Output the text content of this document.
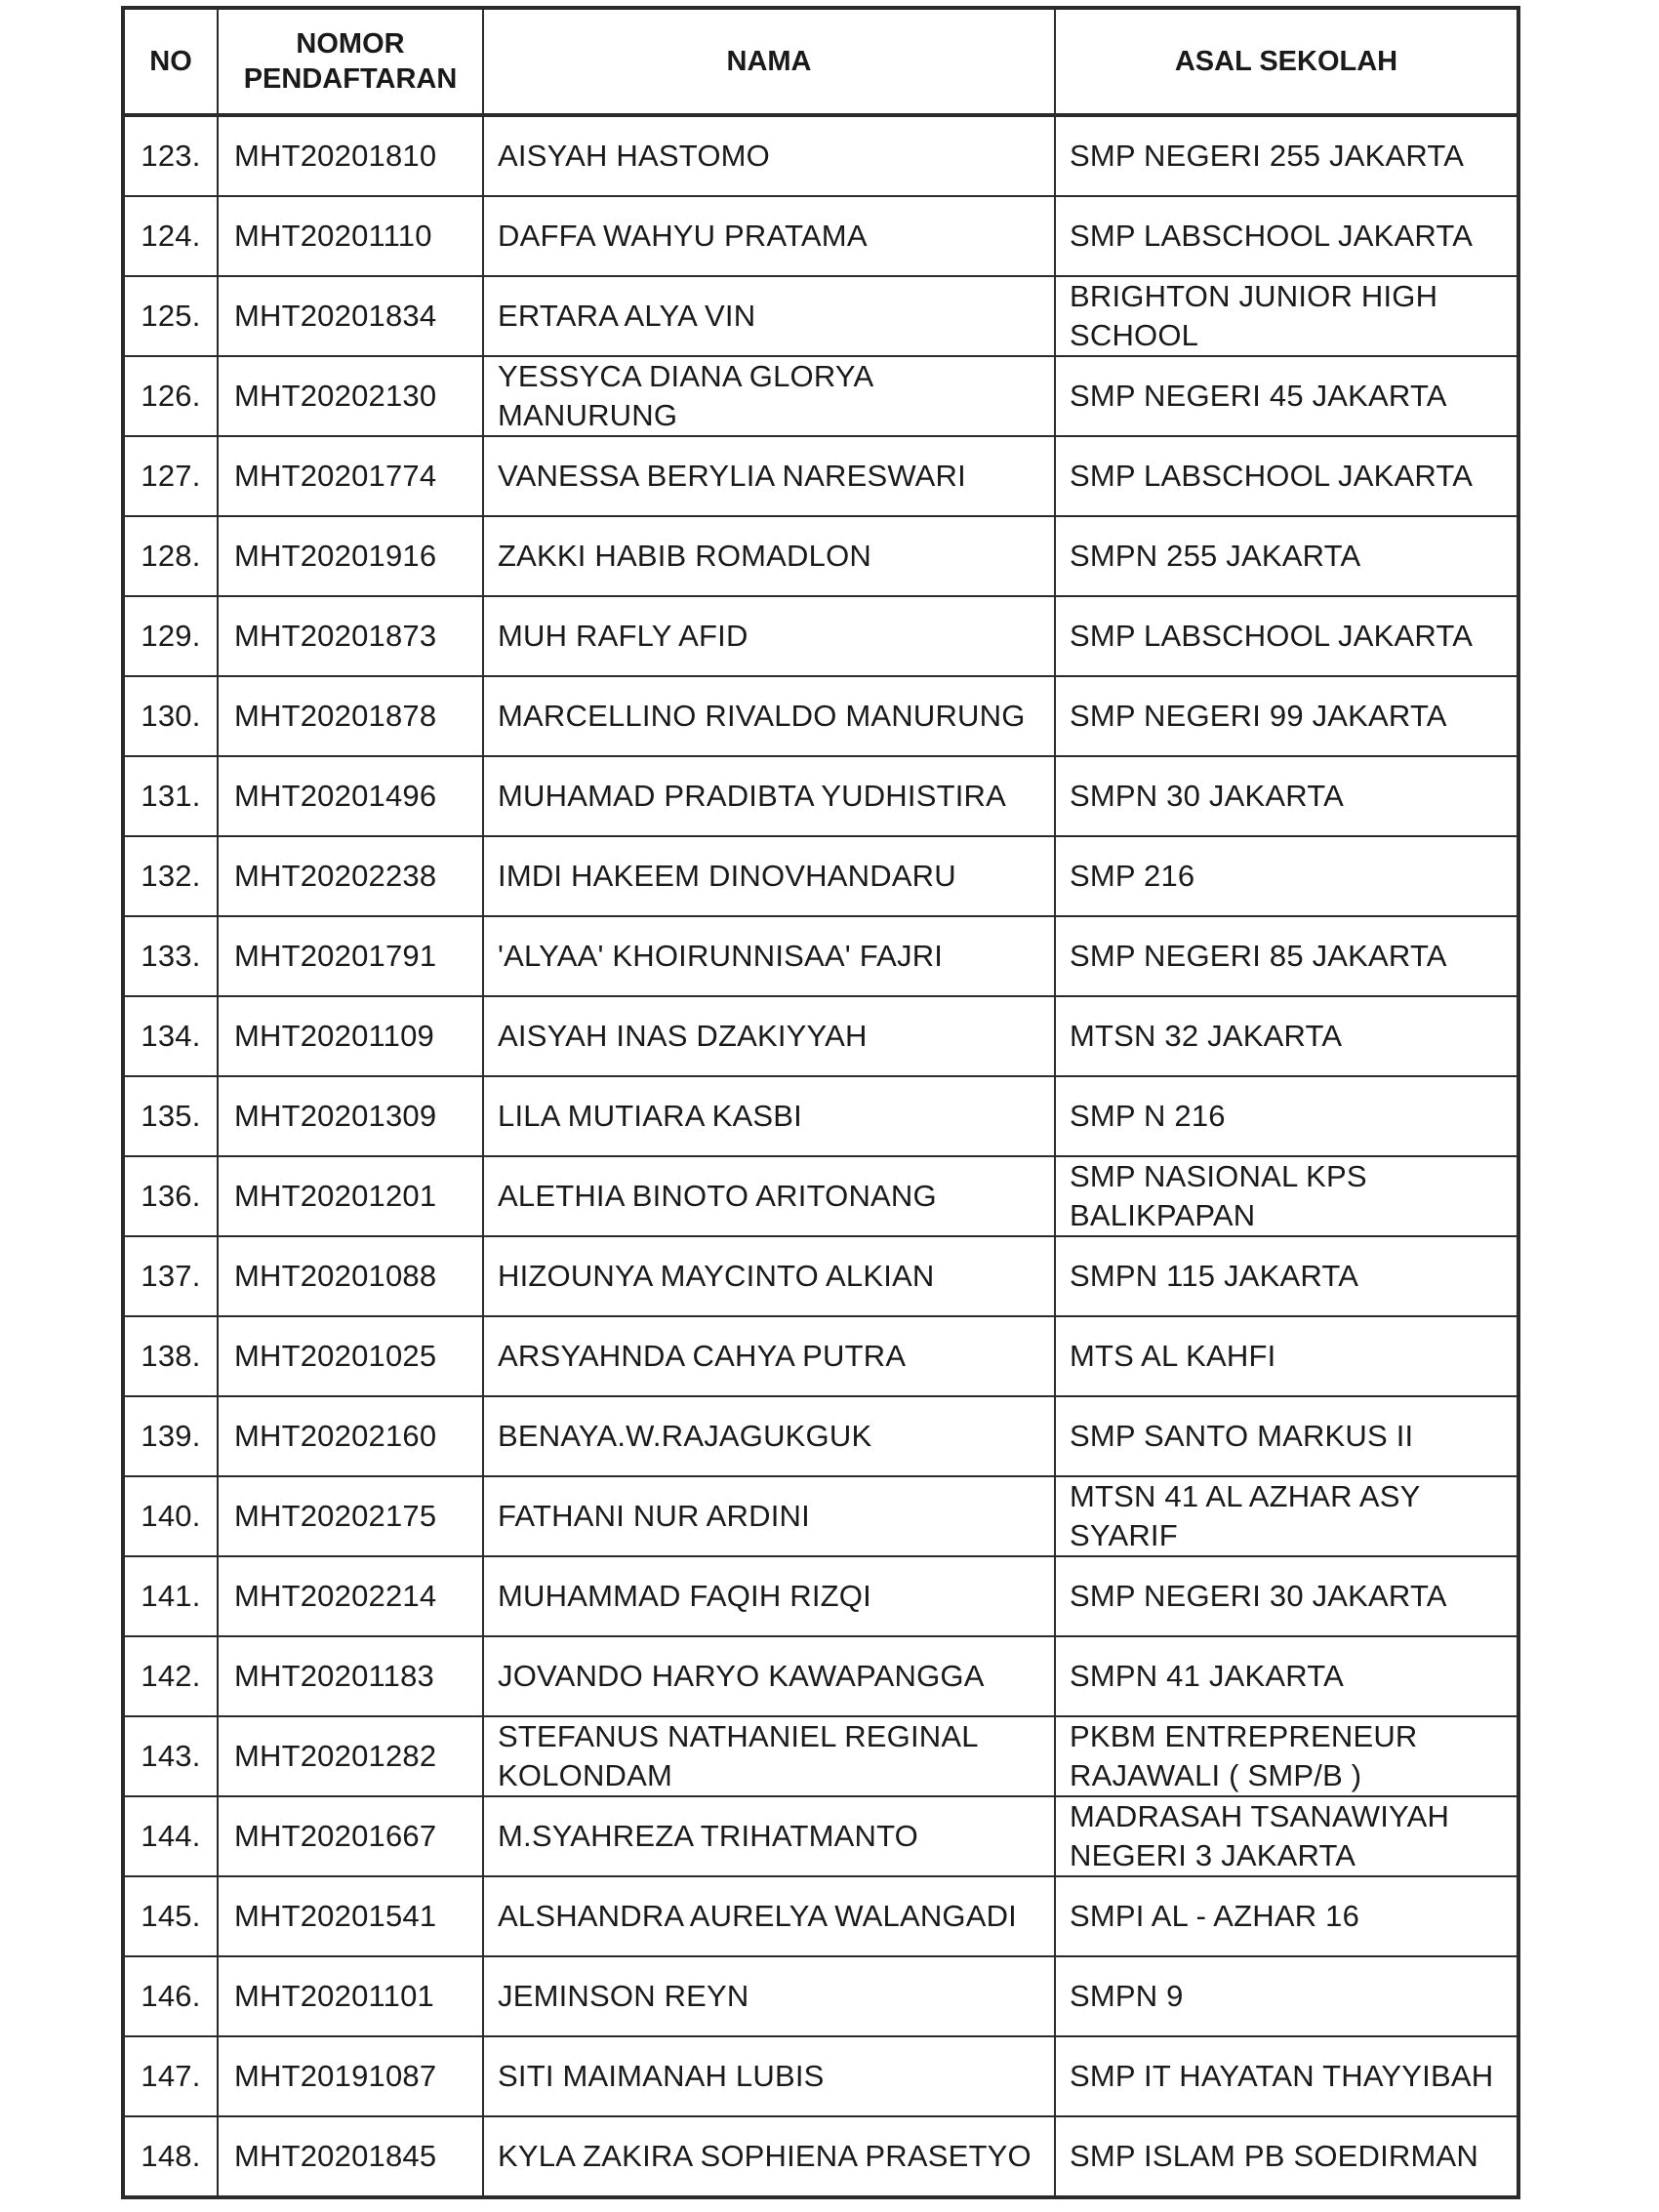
NO	NOMOR PENDAFTARAN	NAMA	ASAL SEKOLAH
123.	MHT20201810	AISYAH HASTOMO	SMP NEGERI 255 JAKARTA
124.	MHT20201110	DAFFA WAHYU PRATAMA	SMP LABSCHOOL JAKARTA
125.	MHT20201834	ERTARA ALYA VIN	BRIGHTON JUNIOR HIGH SCHOOL
126.	MHT20202130	YESSYCA DIANA GLORYA MANURUNG	SMP NEGERI 45 JAKARTA
127.	MHT20201774	VANESSA BERYLIA NARESWARI	SMP LABSCHOOL JAKARTA
128.	MHT20201916	ZAKKI HABIB ROMADLON	SMPN 255 JAKARTA
129.	MHT20201873	MUH RAFLY AFID	SMP LABSCHOOL JAKARTA
130.	MHT20201878	MARCELLINO RIVALDO MANURUNG	SMP NEGERI 99 JAKARTA
131.	MHT20201496	MUHAMAD PRADIBTA YUDHISTIRA	SMPN 30 JAKARTA
132.	MHT20202238	IMDI HAKEEM DINOVHANDARU	SMP 216
133.	MHT20201791	'ALYAA' KHOIRUNNISAA' FAJRI	SMP NEGERI 85 JAKARTA
134.	MHT20201109	AISYAH INAS DZAKIYYAH	MTSN 32 JAKARTA
135.	MHT20201309	LILA MUTIARA KASBI	SMP N 216
136.	MHT20201201	ALETHIA BINOTO ARITONANG	SMP NASIONAL KPS BALIKPAPAN
137.	MHT20201088	HIZOUNYA MAYCINTO ALKIAN	SMPN 115 JAKARTA
138.	MHT20201025	ARSYAHNDA CAHYA PUTRA	MTS AL KAHFI
139.	MHT20202160	BENAYA.W.RAJAGUKGUK	SMP SANTO MARKUS II
140.	MHT20202175	FATHANI NUR ARDINI	MTSN 41 AL AZHAR ASY SYARIF
141.	MHT20202214	MUHAMMAD FAQIH RIZQI	SMP NEGERI 30 JAKARTA
142.	MHT20201183	JOVANDO HARYO KAWAPANGGA	SMPN 41 JAKARTA
143.	MHT20201282	STEFANUS NATHANIEL REGINAL KOLONDAM	PKBM ENTREPRENEUR RAJAWALI ( SMP/B )
144.	MHT20201667	M.SYAHREZA TRIHATMANTO	MADRASAH TSANAWIYAH NEGERI 3 JAKARTA
145.	MHT20201541	ALSHANDRA AURELYA WALANGADI	SMPI AL - AZHAR 16
146.	MHT20201101	JEMINSON REYN	SMPN 9
147.	MHT20191087	SITI MAIMANAH LUBIS	SMP IT HAYATAN THAYYIBAH
148.	MHT20201845	KYLA ZAKIRA SOPHIENA PRASETYO	SMP ISLAM PB SOEDIRMAN
